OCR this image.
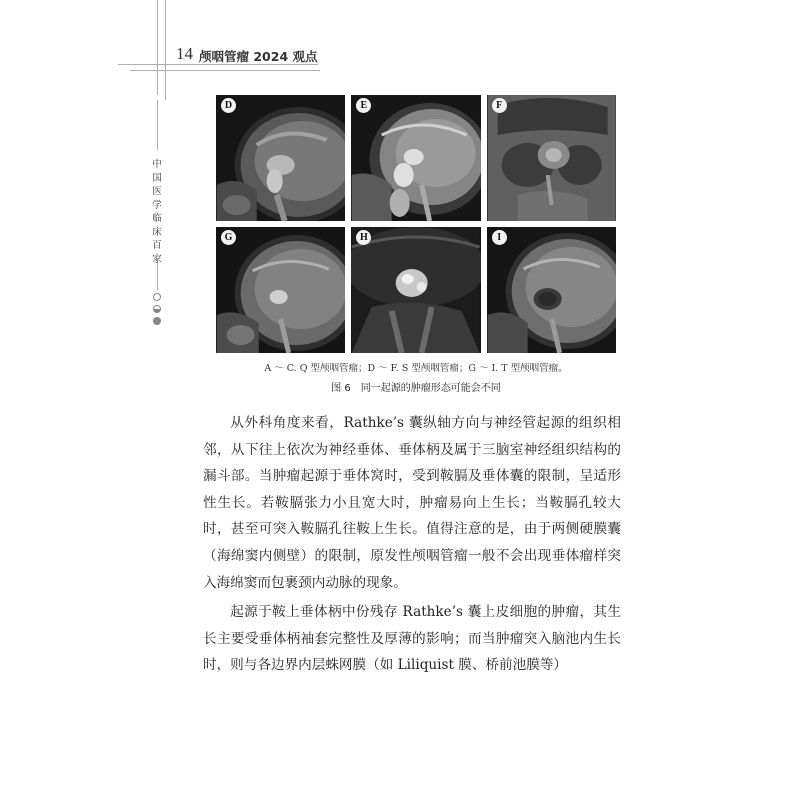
14 颅咽管瘤 2024 观点
中国医学临床百家
D	E	F
G	H	I
A ～ C. Q 型颅咽管瘤；D ～ F. S 型颅咽管瘤；G ～ I. T 型颅咽管瘤。
图 6　同一起源的肿瘤形态可能会不同

从外科角度来看，Rathke’s 囊纵轴方向与神经管起源的组织相邻，从下往上依次为神经垂体、垂体柄及属于三脑室神经组织结构的漏斗部。当肿瘤起源于垂体窝时，受到鞍膈及垂体囊的限制，呈适形性生长。若鞍膈张力小且宽大时，肿瘤易向上生长；当鞍膈孔较大时，甚至可突入鞍膈孔往鞍上生长。值得注意的是，由于两侧硬膜囊（海绵窦内侧壁）的限制，原发性颅咽管瘤一般不会出现垂体瘤样突入海绵窦而包裹颈内动脉的现象。

起源于鞍上垂体柄中份残存 Rathke’s 囊上皮细胞的肿瘤，其生长主要受垂体柄袖套完整性及厚薄的影响；而当肿瘤突入脑池内生长时，则与各边界内层蛛网膜（如 Liliquist 膜、桥前池膜等）
